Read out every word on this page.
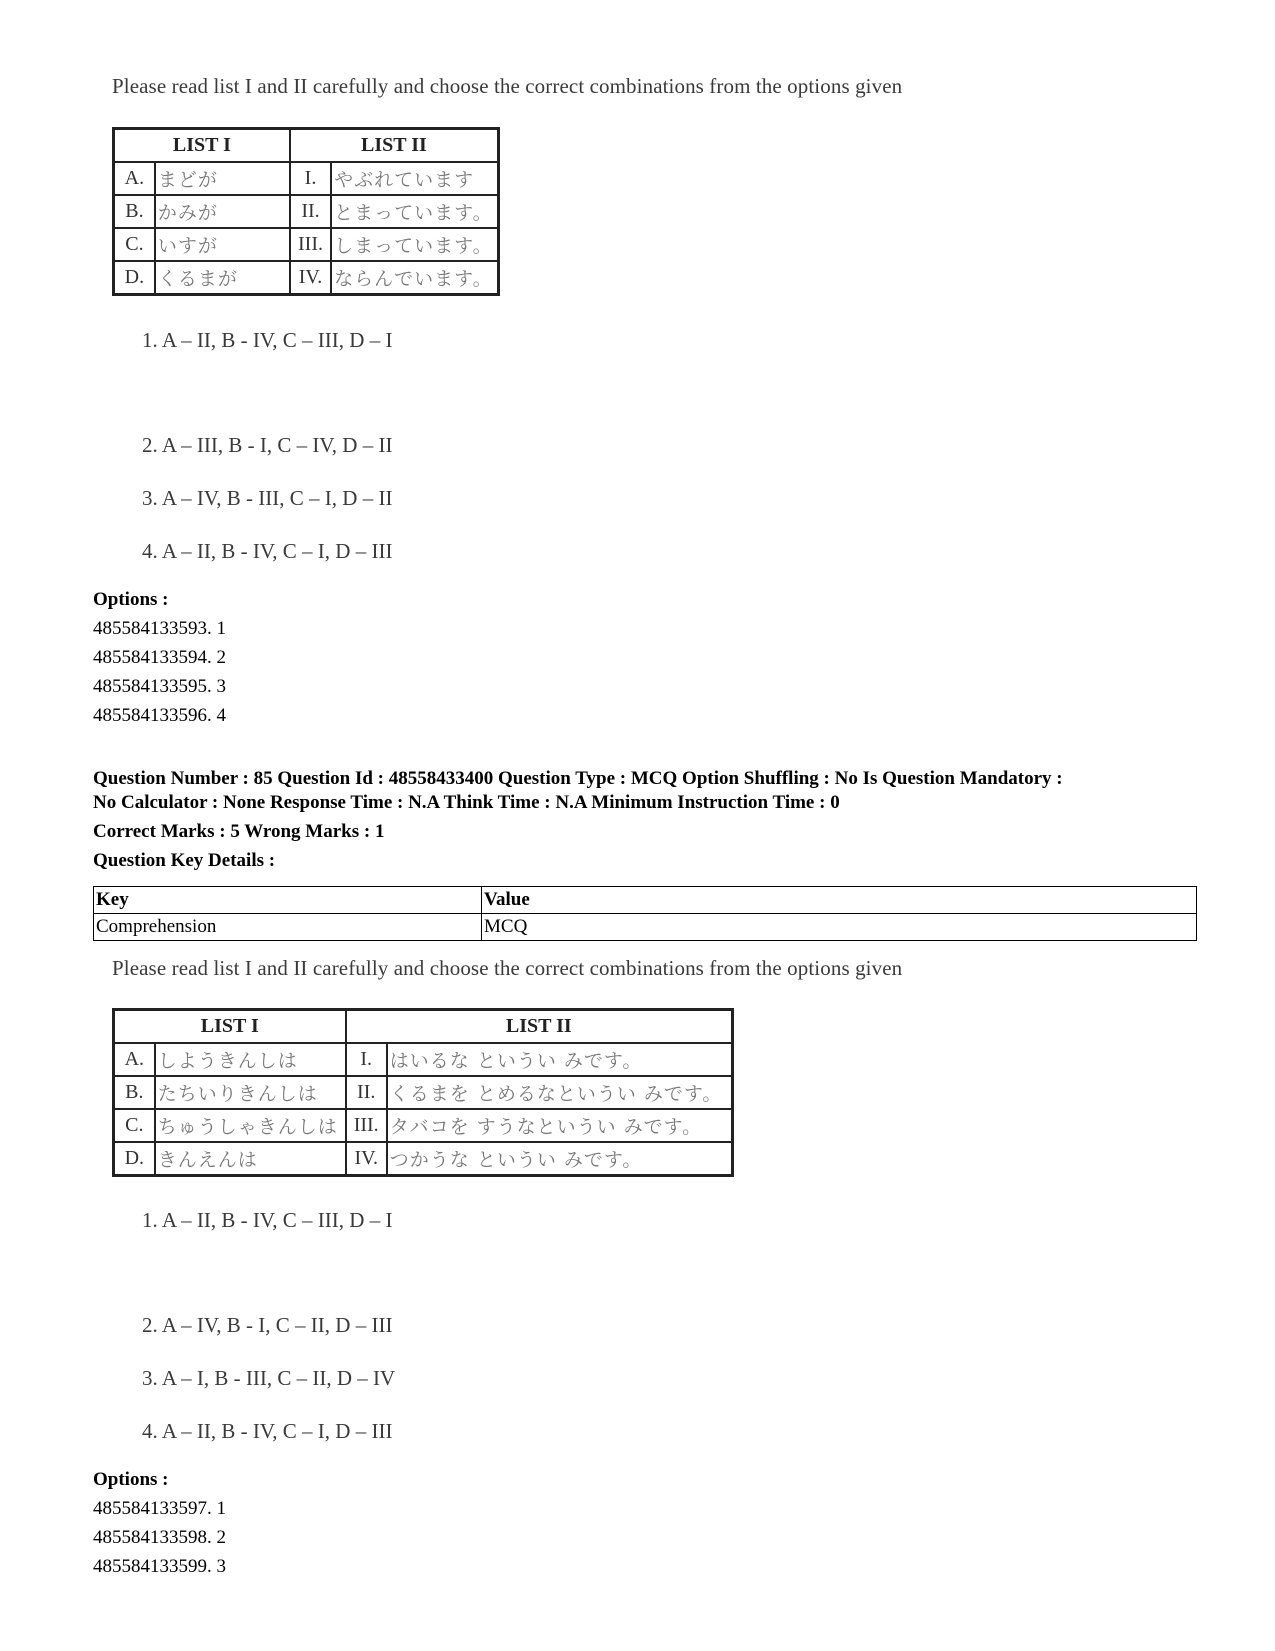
Please read list I and II carefully and choose the correct combinations from the options given
LIST I		LIST II	
A.	まどが	I.	やぶれています
B.	かみが	II.	とまっています。
C.	いすが	III.	しまっています。
D.	くるまが	IV.	ならんでいます。
1. A – II, B - IV, C – III, D – I
2. A – III, B - I, C – IV, D – II
3. A – IV, B - III, C – I, D – II
4. A – II, B - IV, C – I, D – III
Options :
485584133593. 1
485584133594. 2
485584133595. 3
485584133596. 4
Question Number : 85 Question Id : 48558433400 Question Type : MCQ Option Shuffling : No Is Question Mandatory :
No Calculator : None Response Time : N.A Think Time : N.A Minimum Instruction Time : 0
Correct Marks : 5 Wrong Marks : 1
Question Key Details :
Key	Value
Comprehension	MCQ
Please read list I and II carefully and choose the correct combinations from the options given
LIST I		LIST II	
A.	しようきんしは	I.	はいるな というい みです。
B.	たちいりきんしは	II.	くるまを とめるなというい みです。
C.	ちゅうしゃきんしは	III.	タバコを すうなというい みです。
D.	きんえんは	IV.	つかうな というい みです。
1. A – II, B - IV, C – III, D – I
2. A – IV, B - I, C – II, D – III
3. A – I, B - III, C – II, D – IV
4. A – II, B - IV, C – I, D – III
Options :
485584133597. 1
485584133598. 2
485584133599. 3
